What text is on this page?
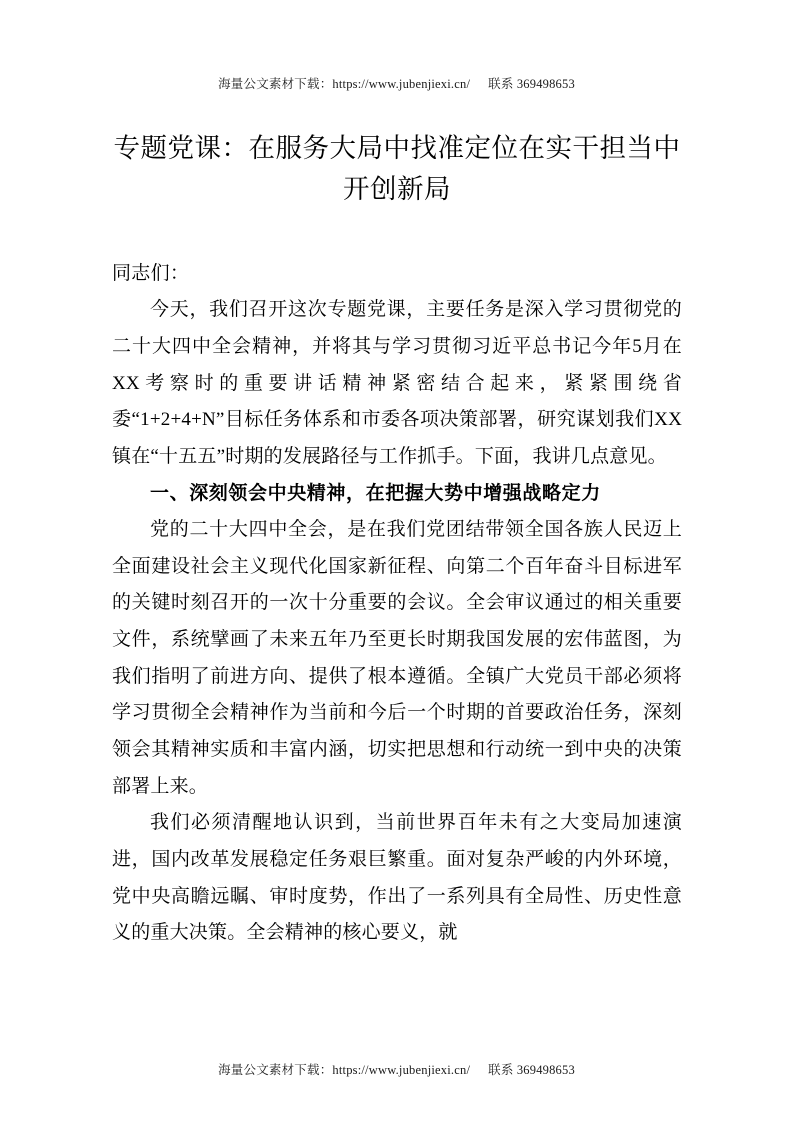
海量公文素材下载：https://www.jubenjiexi.cn/ 联系 369498653
专题党课：在服务大局中找准定位在实干担当中开创新局
同志们：

今天，我们召开这次专题党课，主要任务是深入学习贯彻党的二十大四中全会精神，并将其与学习贯彻习近平总书记今年5月在XX考察时的重要讲话精神紧密结合起来，紧紧围绕省委“1+2+4+N”目标任务体系和市委各项决策部署，研究谋划我们XX镇在“十五五”时期的发展路径与工作抓手。下面，我讲几点意见。

一、深刻领会中央精神，在把握大势中增强战略定力

党的二十大四中全会，是在我们党团结带领全国各族人民迈上全面建设社会主义现代化国家新征程、向第二个百年奋斗目标进军的关键时刻召开的一次十分重要的会议。全会审议通过的相关重要文件，系统擘画了未来五年乃至更长时期我国发展的宏伟蓝图，为我们指明了前进方向、提供了根本遵循。全镇广大党员干部必须将学习贯彻全会精神作为当前和今后一个时期的首要政治任务，深刻领会其精神实质和丰富内涵，切实把思想和行动统一到中央的决策部署上来。

我们必须清醒地认识到，当前世界百年未有之大变局加速演进，国内改革发展稳定任务艰巨繁重。面对复杂严峻的内外环境，党中央高瞻远瞩、审时度势，作出了一系列具有全局性、历史性意义的重大决策。全会精神的核心要义，就

海量公文素材下载：https://www.jubenjiexi.cn/ 联系 369498653
